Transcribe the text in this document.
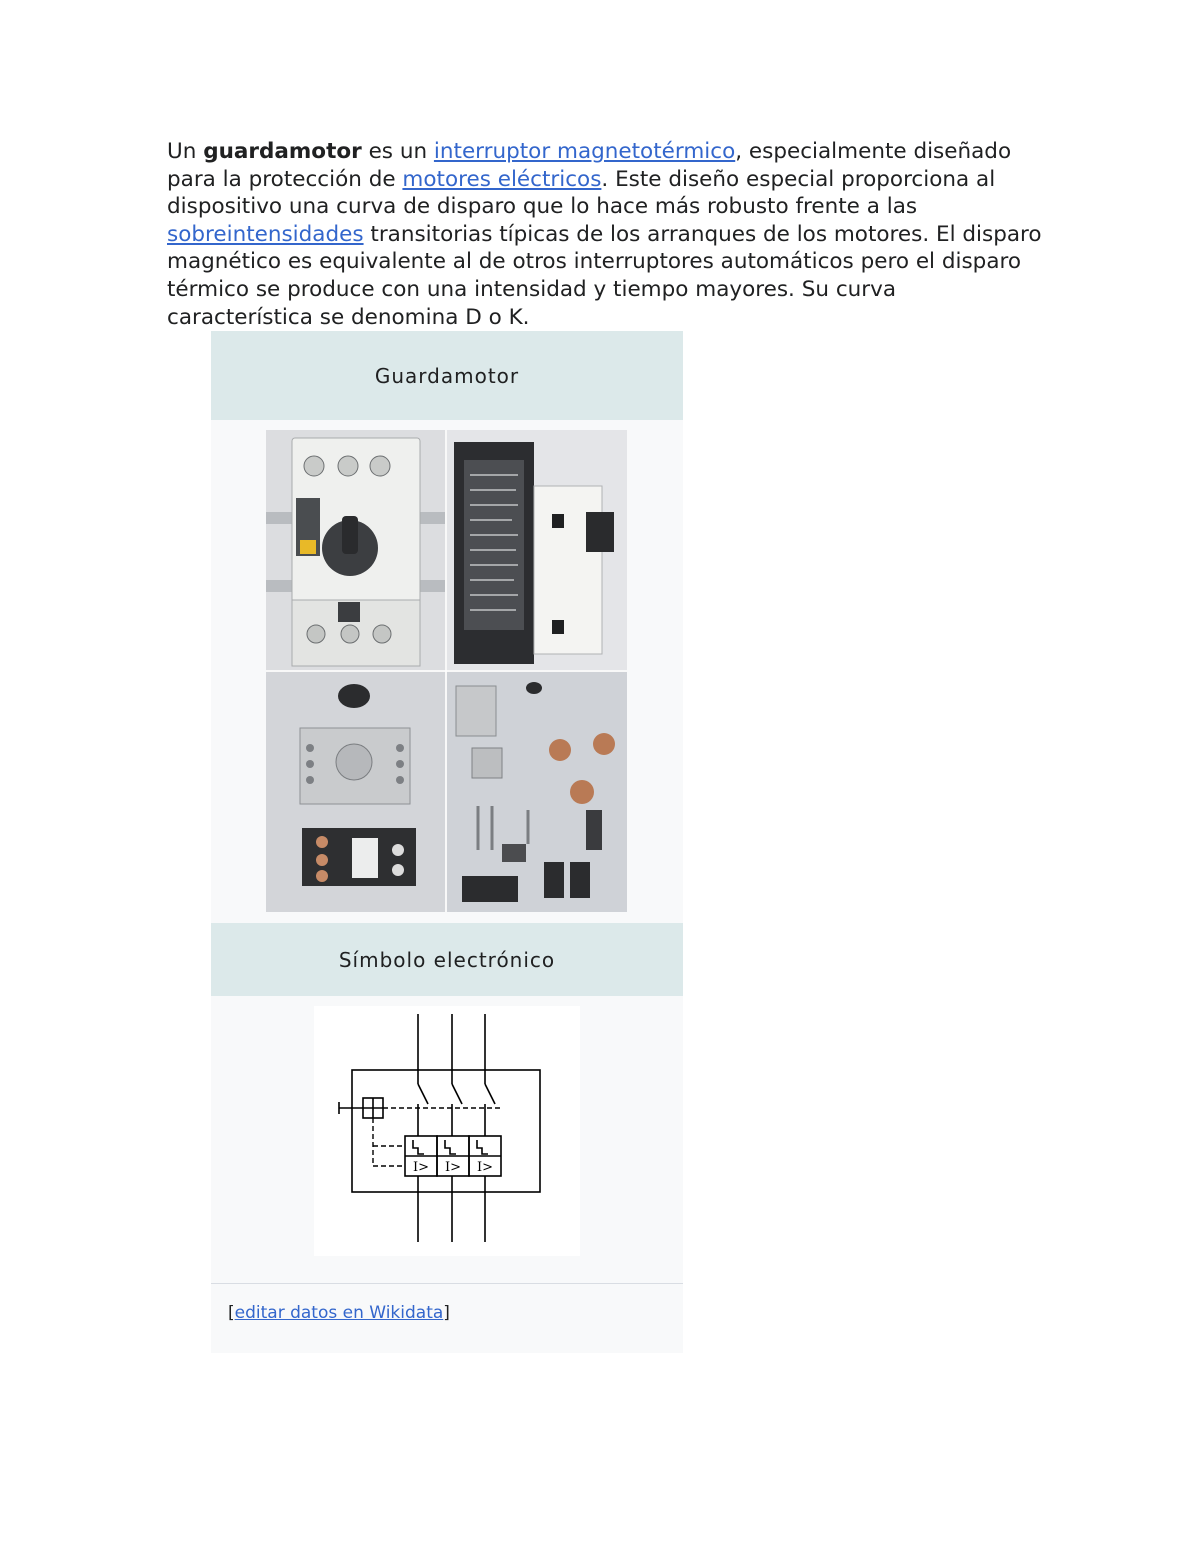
Un guardamotor es un interruptor magnetotérmico, especialmente diseñado para la protección de motores eléctricos. Este diseño especial proporciona al dispositivo una curva de disparo que lo hace más robusto frente a las sobreintensidades transitorias típicas de los arranques de los motores. El disparo magnético es equivalente al de otros interruptores automáticos pero el disparo térmico se produce con una intensidad y tiempo mayores. Su curva característica se denomina D o K.

Guardamotor
Símbolo electrónico
I> I> I>
[editar datos en Wikidata]
